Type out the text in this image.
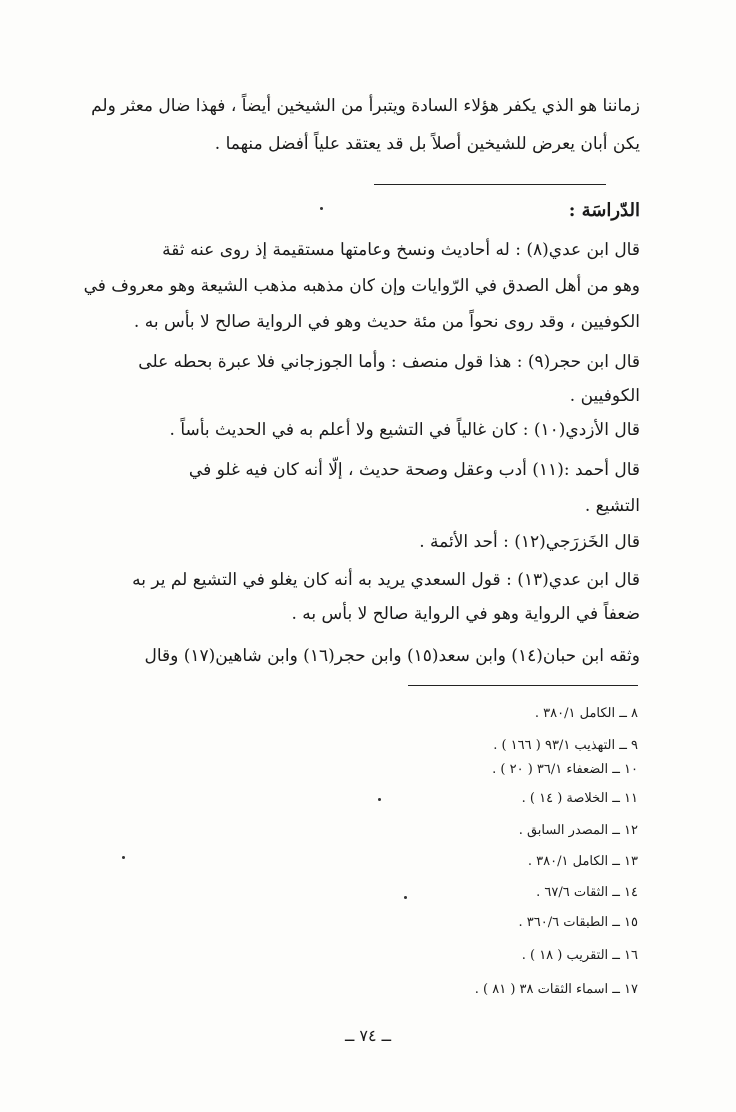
زماننا هو الذي يكفر هؤلاء السادة ويتبرأ من الشيخين أيضاً ، فهذا ضال معثر ولم
يكن أبان يعرض للشيخين أصلاً بل قد يعتقد علياً أفضل منهما .
الدّراسَة :
قال ابن عدي(٨) : له أحاديث ونسخ وعامتها مستقيمة إذ روى عنه ثقة
وهو من أهل الصدق في الرّوايات وإن كان مذهبه مذهب الشيعة وهو معروف في
الكوفيين ، وقد روى نحواً من مئة حديث وهو في الرواية صالح لا بأس به .
قال ابن حجر(٩) : هذا قول منصف : وأما الجوزجاني فلا عبرة بحطه على
الكوفيين .
قال الأزدي(١٠) : كان غالياً في التشيع ولا أعلم به في الحديث بأساً .
قال أحمد :(١١) أدب وعقل وصحة حديث ، إلّا أنه كان فيه غلو في
التشيع .
قال الخَزرَجي(١٢) : أحد الأئمة .
قال ابن عدي(١٣) : قول السعدي يريد به أنه كان يغلو في التشيع لم ير به
ضعفاً في الرواية وهو في الرواية صالح لا بأس به .
وثقه ابن حبان(١٤) وابن سعد(١٥) وابن حجر(١٦) وابن شاهين(١٧) وقال
٨ ــ الكامل ٣٨٠/١ .
٩ ــ التهذيب ٩٣/١ ( ١٦٦ ) .
١٠ ــ الضعفاء ٣٦/١ ( ٢٠ ) .
١١ ــ الخلاصة ( ١٤ ) .
١٢ ــ المصدر السابق .
١٣ ــ الكامل ٣٨٠/١ .
١٤ ــ الثقات ٦٧/٦ .
١٥ ــ الطبقات ٣٦٠/٦ .
١٦ ــ التقريب ( ١٨ ) .
١٧ ــ اسماء الثقات ٣٨ ( ٨١ ) .
ــ ٧٤ ــ
